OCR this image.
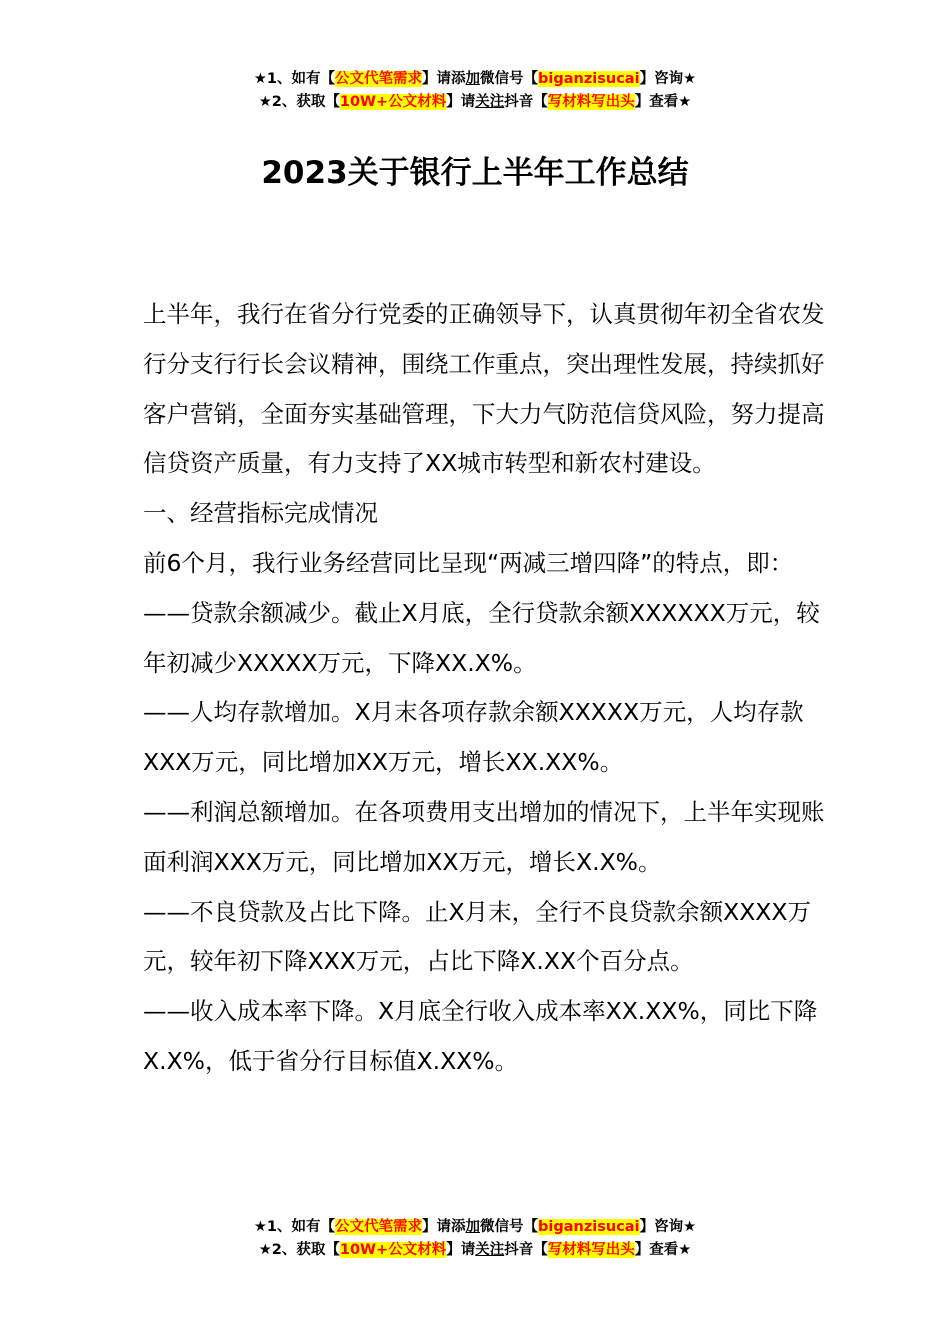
★1、如有【公文代笔需求】请添加微信号【biganzisucai】咨询★
★2、获取【10W+公文材料】请关注抖音【写材料写出头】查看★
2023关于银行上半年工作总结

上半年，我行在省分行党委的正确领导下，认真贯彻年初全省农发行分支行行长会议精神，围绕工作重点，突出理性发展，持续抓好客户营销，全面夯实基础管理，下大力气防范信贷风险，努力提高信贷资产质量，有力支持了XX城市转型和新农村建设。

一、经营指标完成情况

前6个月，我行业务经营同比呈现“两减三增四降”的特点，即：

——贷款余额减少。截止X月底，全行贷款余额XXXXXX万元，较年初减少XXXXX万元，下降XX.X%。

——人均存款增加。X月末各项存款余额XXXXX万元，人均存款XXX万元，同比增加XX万元，增长XX.XX%。

——利润总额增加。在各项费用支出增加的情况下，上半年实现账面利润XXX万元，同比增加XX万元，增长X.X%。

——不良贷款及占比下降。止X月末，全行不良贷款余额XXXX万元，较年初下降XXX万元，占比下降X.XX个百分点。

——收入成本率下降。X月底全行收入成本率XX.XX%，同比下降X.X%，低于省分行目标值X.XX%。

★1、如有【公文代笔需求】请添加微信号【biganzisucai】咨询★
★2、获取【10W+公文材料】请关注抖音【写材料写出头】查看★
